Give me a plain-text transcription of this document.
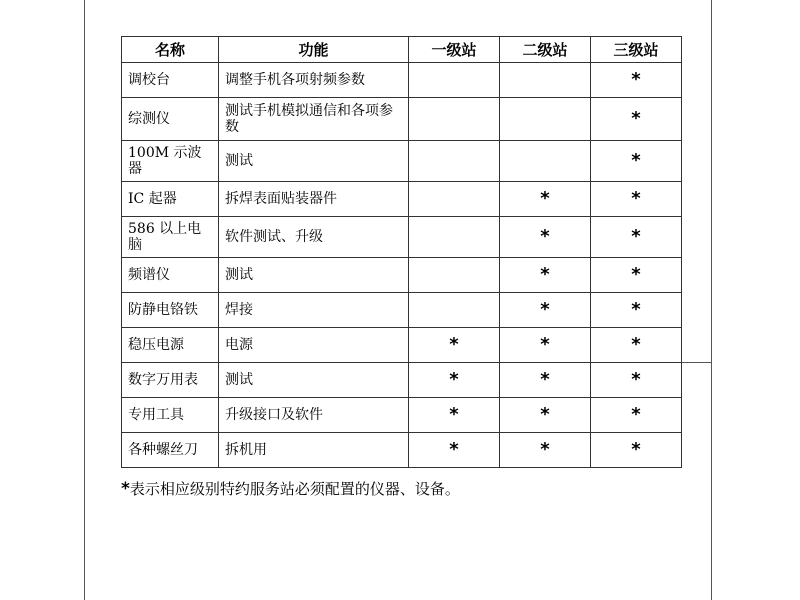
名称	功能	一级站	二级站	三级站
调校台	调整手机各项射频参数			*
综测仪	测试手机模拟通信和各项参数			*
100M 示波器	测试			*
IC 起器	拆焊表面贴装器件		*	*
586 以上电脑	软件测试、升级		*	*
频谱仪	测试		*	*
防静电铬铁	焊接		*	*
稳压电源	电源	*	*	*
数字万用表	测试	*	*	*
专用工具	升级接口及软件	*	*	*
各种螺丝刀	拆机用	*	*	*
*表示相应级别特约服务站必须配置的仪器、设备。
